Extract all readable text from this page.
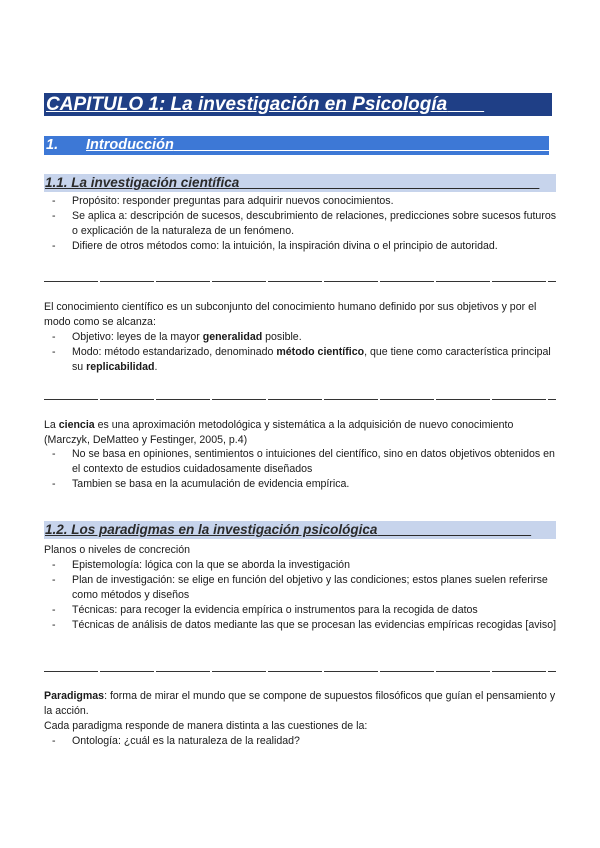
CAPITULO 1: La investigación en Psicología
1. Introducción
1.1. La investigación científica
- Propósito: responder preguntas para adquirir nuevos conocimientos.
- Se aplica a: descripción de sucesos, descubrimiento de relaciones, predicciones sobre sucesos futuros o explicación de la naturaleza de un fenómeno.
- Difiere de otros métodos como: la intuición, la inspiración divina o el principio de autoridad.
El conocimiento científico es un subconjunto del conocimiento humano definido por sus objetivos y por el modo como se alcanza:
- Objetivo: leyes de la mayor generalidad posible.
- Modo: método estandarizado, denominado método científico, que tiene como característica principal su replicabilidad.
La ciencia es una aproximación metodológica y sistemática a la adquisición de nuevo conocimiento (Marczyk, DeMatteo y Festinger, 2005, p.4)
- No se basa en opiniones, sentimientos o intuiciones del científico, sino en datos objetivos obtenidos en el contexto de estudios cuidadosamente diseñados
- Tambien se basa en la acumulación de evidencia empírica.
1.2. Los paradigmas en la investigación psicológica
Planos o niveles de concreción
- Epistemología: lógica con la que se aborda la investigación
- Plan de investigación: se elige en función del objetivo y las condiciones; estos planes suelen referirse como métodos y diseños
- Técnicas: para recoger la evidencia empírica o instrumentos para la recogida de datos
- Técnicas de análisis de datos mediante las que se procesan las evidencias empíricas recogidas [aviso]
Paradigmas: forma de mirar el mundo que se compone de supuestos filosóficos que guían el pensamiento y la acción.
Cada paradigma responde de manera distinta a las cuestiones de la:
- Ontología: ¿cuál es la naturaleza de la realidad?
